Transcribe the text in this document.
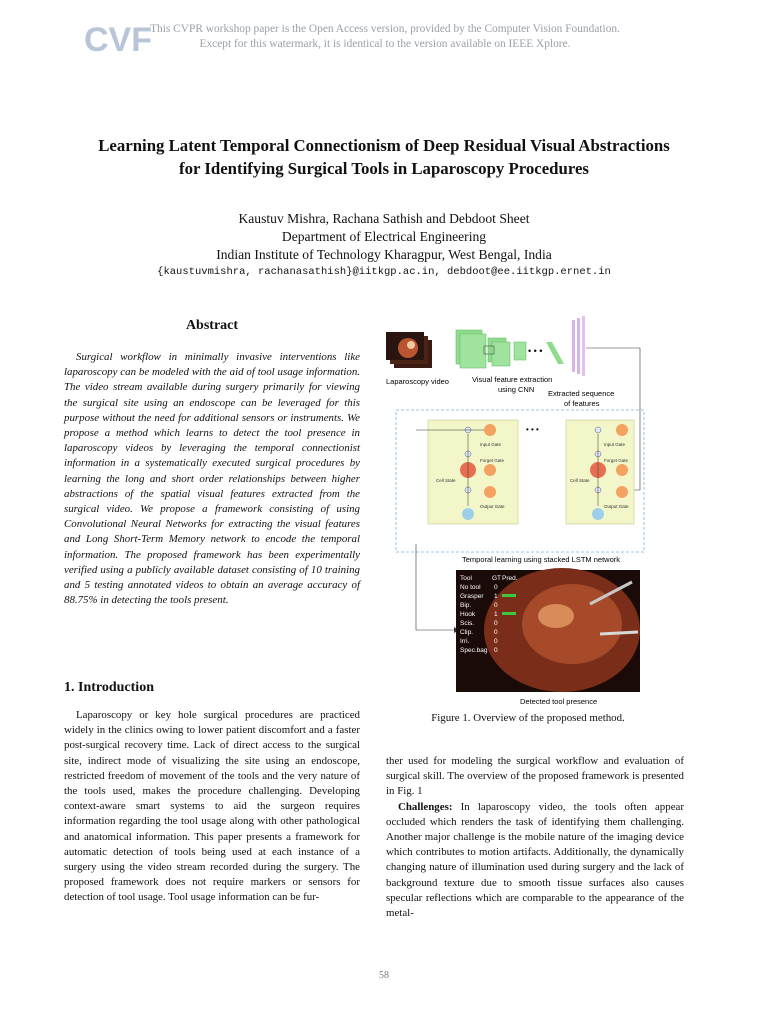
CVF
This CVPR workshop paper is the Open Access version, provided by the Computer Vision Foundation.
Except for this watermark, it is identical to the version available on IEEE Xplore.
Learning Latent Temporal Connectionism of Deep Residual Visual Abstractions
for Identifying Surgical Tools in Laparoscopy Procedures
Kaustuv Mishra, Rachana Sathish and Debdoot Sheet
Department of Electrical Engineering
Indian Institute of Technology Kharagpur, West Bengal, India
{kaustuvmishra, rachanasathish}@iitkgp.ac.in, debdoot@ee.iitkgp.ernet.in
Abstract

Surgical workflow in minimally invasive interventions like laparoscopy can be modeled with the aid of tool usage information. The video stream available during surgery primarily for viewing the surgical site using an endoscope can be leveraged for this purpose without the need for additional sensors or instruments. We propose a method which learns to detect the tool presence in laparoscopy videos by leveraging the temporal connectionist information in a systematically executed surgical procedures by learning the long and short order relationships between higher abstractions of the spatial visual features extracted from the surgical video. We propose a framework consisting of using Convolutional Neural Networks for extracting the visual features and Long Short-Term Memory network to encode the temporal information. The proposed framework has been experimentally verified using a publicly available dataset consisting of 10 training and 5 testing annotated videos to obtain an average accuracy of 88.75% in detecting the tools present.

1. Introduction

Laparoscopy or key hole surgical procedures are practiced widely in the clinics owing to lower patient discomfort and a faster post-surgical recovery time. Lack of direct access to the surgical site, indirect mode of visualizing the site using an endoscope, restricted freedom of movement of the tools and the very nature of the tools used, makes the procedure challenging. Developing context-aware smart systems to aid the surgeon requires information regarding the tool usage along with other pathological and anatomical information. This paper presents a framework for automatic detection of tools being used at each instance of a surgery using the video stream recorded during the surgery. The proposed framework does not require markers or sensors for detection of tool usage. Tool usage information can be fur-

Laparoscopy video
• • •
Visual feature extraction
using CNN Extracted sequence
of features
Input Gate
Forget Gate
Cell State
Output Gate
• • •
Input Gate
Forget Gate
Cell State
Output Gate
Temporal learning using stacked LSTM network
Tool	GT Pred.
No tool 0
Grasper 1
Bip.	0
Hook	1
Scis.	0
Clip.	0
Irri.	0
Spec.bag 0
Detected tool presence
Figure 1. Overview of the proposed method.

ther used for modeling the surgical workflow and evaluation of surgical skill. The overview of the proposed framework is presented in Fig. 1

Challenges: In laparoscopy video, the tools often appear occluded which renders the task of identifying them challenging. Another major challenge is the mobile nature of the imaging device which contributes to motion artifacts. Additionally, the dynamically changing nature of illumination used during surgery and the lack of background texture due to smooth tissue surfaces also causes specular reflections which are comparable to the appearance of the metal-

58
